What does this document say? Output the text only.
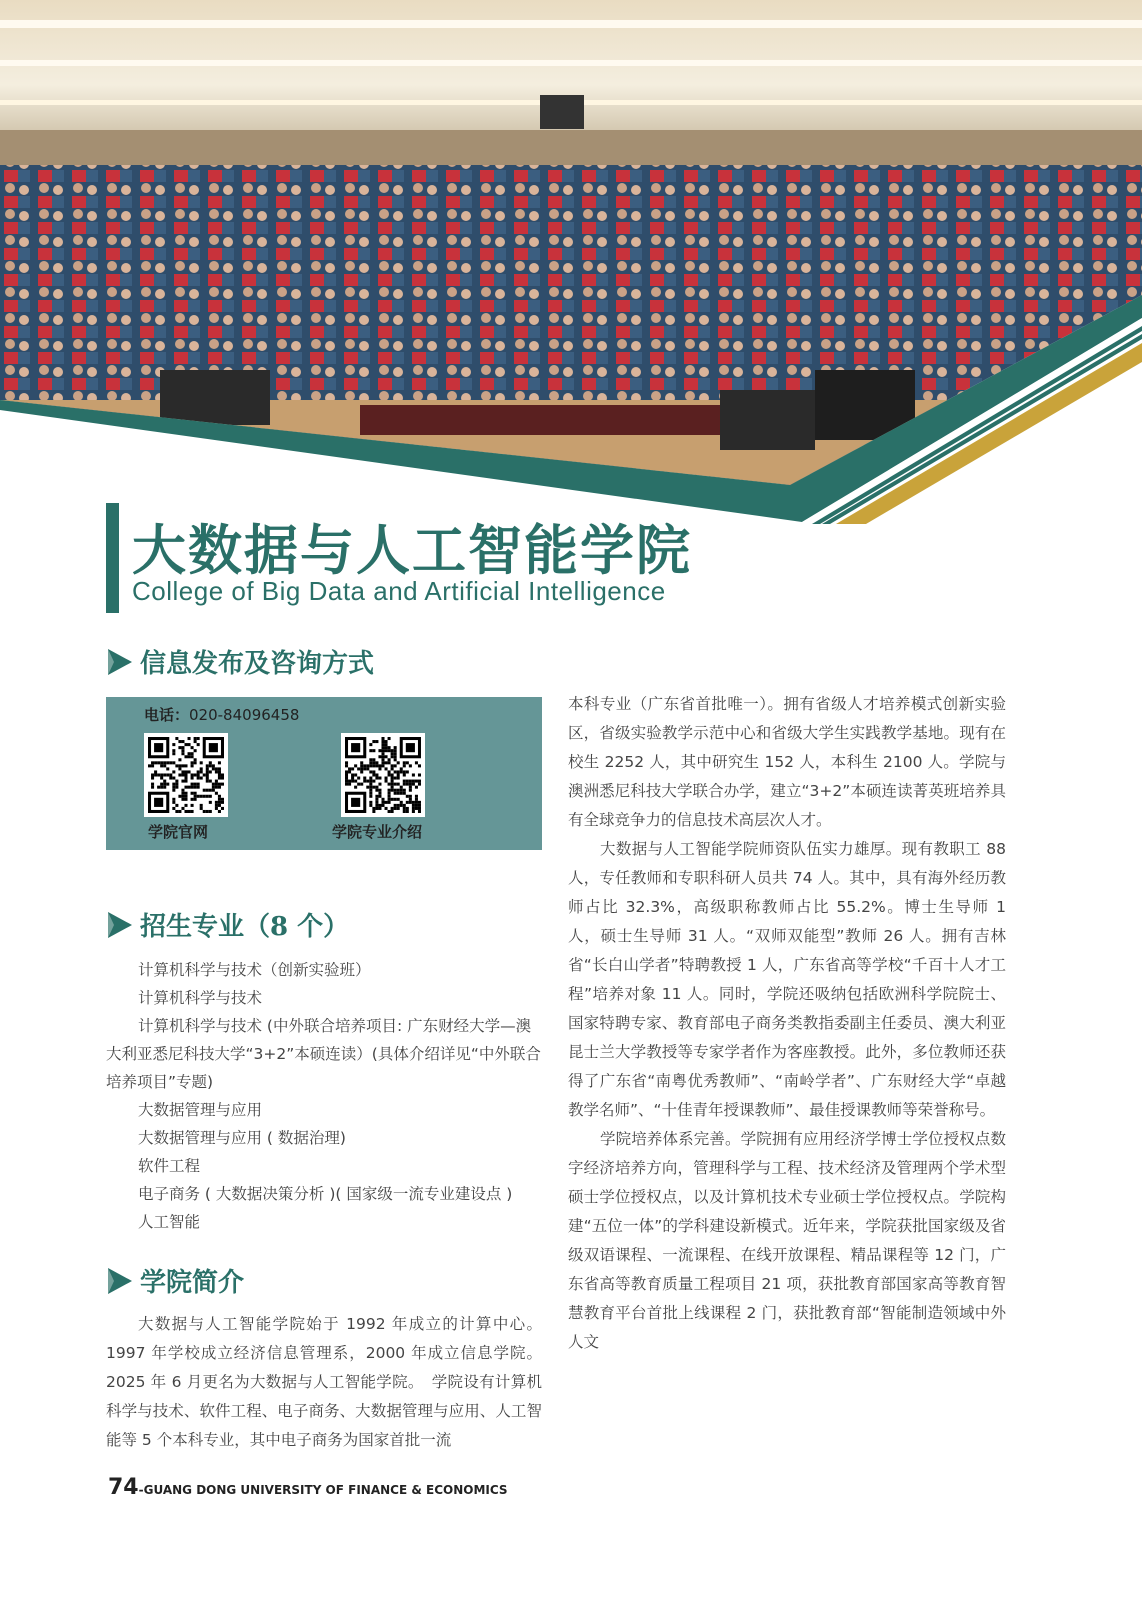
大数据与人工智能学院
College of Big Data and Artificial Intelligence
信息发布及咨询方式
电话：020-84096458
学院官网	学院专业介绍
招生专业（8 个）
计算机科学与技术（创新实验班）
计算机科学与技术
计算机科学与技术 (中外联合培养项目: 广东财经大学—澳大利亚悉尼科技大学“3+2”本硕连读）(具体介绍详见“中外联合培养项目”专题)
大数据管理与应用
大数据管理与应用 ( 数据治理)
软件工程
电子商务 ( 大数据决策分析 )( 国家级一流专业建设点 )
人工智能
学院简介

大数据与人工智能学院始于 1992 年成立的计算中心。1997 年学校成立经济信息管理系，2000 年成立信息学院。2025 年 6 月更名为大数据与人工智能学院。　学院设有计算机科学与技术、软件工程、电子商务、大数据管理与应用、人工智能等 5 个本科专业，其中电子商务为国家首批一流

本科专业（广东省首批唯一）。拥有省级人才培养模式创新实验区，省级实验教学示范中心和省级大学生实践教学基地。现有在校生 2252 人，其中研究生 152 人，本科生 2100 人。学院与澳洲悉尼科技大学联合办学，建立“3+2”本硕连读菁英班培养具有全球竞争力的信息技术高层次人才。

大数据与人工智能学院师资队伍实力雄厚。现有教职工 88 人，专任教师和专职科研人员共 74 人。其中，具有海外经历教师占比 32.3%，高级职称教师占比 55.2%。博士生导师 1 人，硕士生导师 31 人。“双师双能型”教师 26 人。拥有吉林省“长白山学者”特聘教授 1 人，广东省高等学校“千百十人才工程”培养对象 11 人。同时，学院还吸纳包括欧洲科学院院士、国家特聘专家、教育部电子商务类教指委副主任委员、澳大利亚昆士兰大学教授等专家学者作为客座教授。此外，多位教师还获得了广东省“南粤优秀教师”、“南岭学者”、广东财经大学“卓越教学名师”、“十佳青年授课教师”、最佳授课教师等荣誉称号。

学院培养体系完善。学院拥有应用经济学博士学位授权点数字经济培养方向，管理科学与工程、技术经济及管理两个学术型硕士学位授权点，以及计算机技术专业硕士学位授权点。学院构建“五位一体”的学科建设新模式。近年来，学院获批国家级及省级双语课程、一流课程、在线开放课程、精品课程等 12 门，广东省高等教育质量工程项目 21 项，获批教育部国家高等教育智慧教育平台首批上线课程 2 门，获批教育部“智能制造领域中外人文

74 -GUANG DONG UNIVERSITY OF FINANCE & ECONOMICS
